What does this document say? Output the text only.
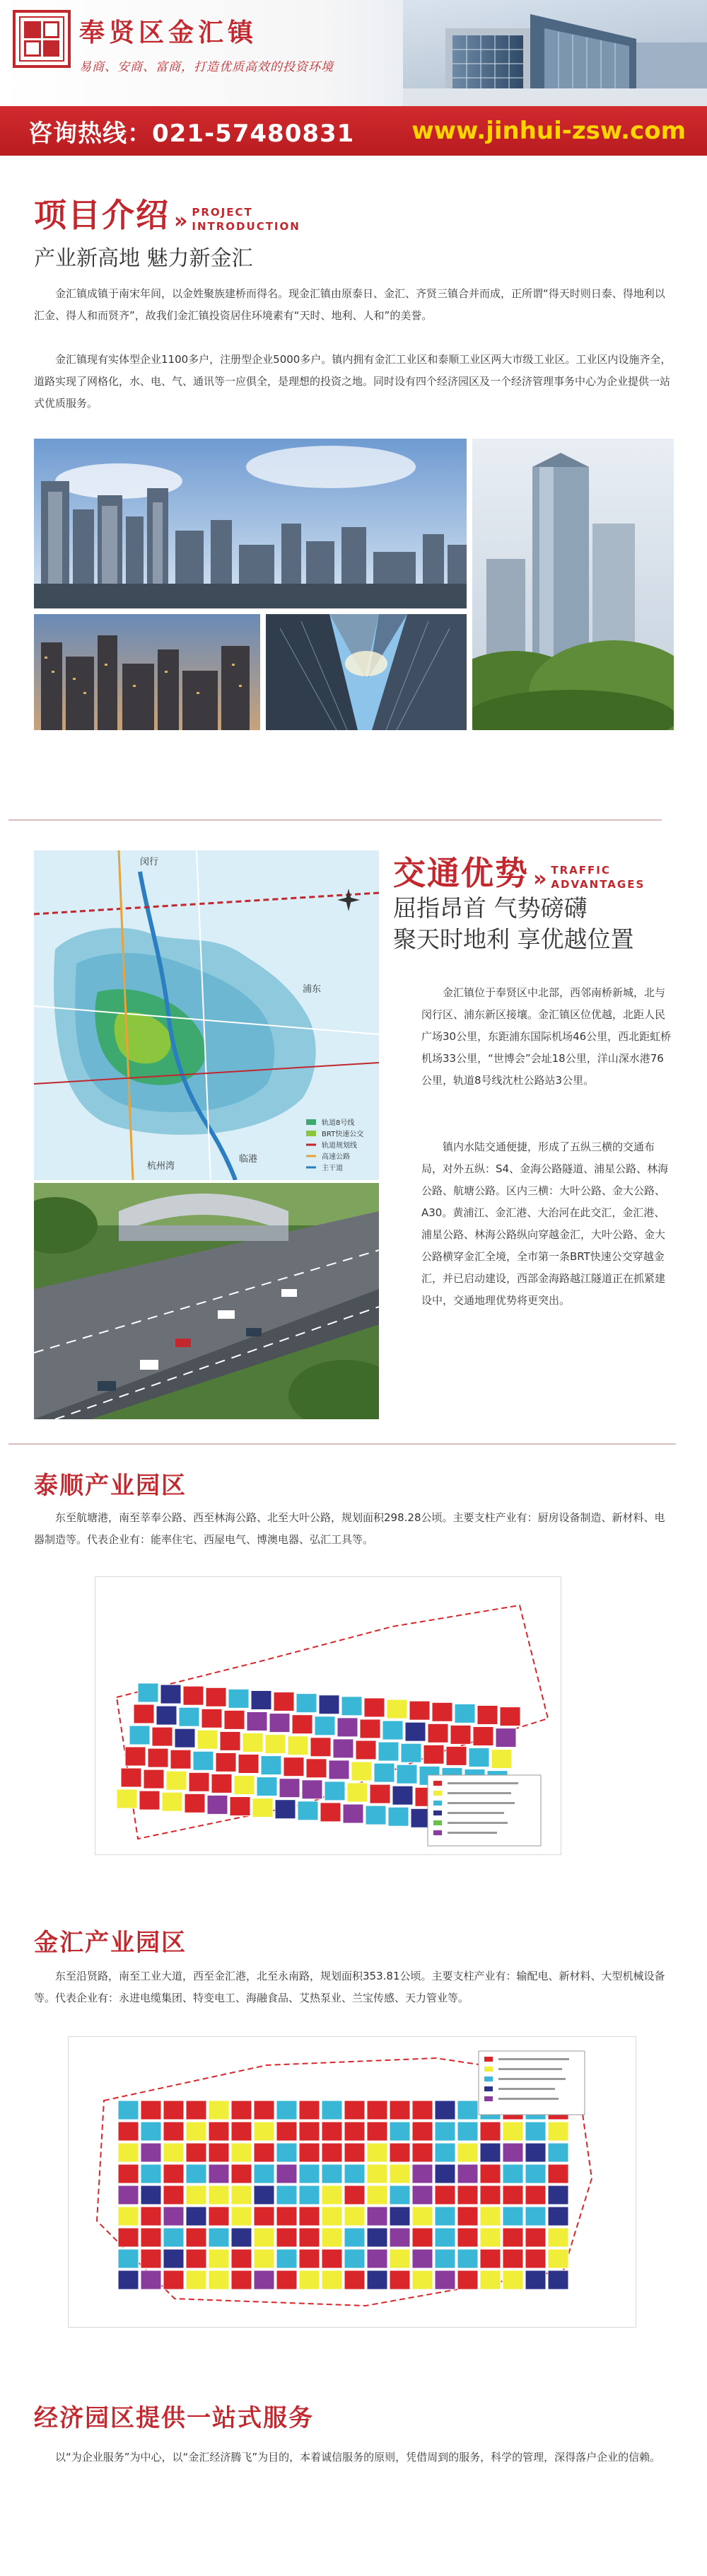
奉贤区金汇镇
易商、安商、富商，打造优质高效的投资环境
咨询热线：021-57480831 www.jinhui-zsw.com
项目介绍 » PROJECT
INTRODUCTION
产业新高地 魅力新金汇
金汇镇成镇于南宋年间，以金姓聚族建桥而得名。现金汇镇由原泰日、金汇、齐贤三镇合并而成，正所谓“得天时则日泰、得地利以汇金、得人和而贤齐”，故我们金汇镇投资居住环境素有“天时、地利、人和”的美誉。
金汇镇现有实体型企业1100多户，注册型企业5000多户。镇内拥有金汇工业区和泰顺工业区两大市级工业区。工业区内设施齐全，道路实现了网格化，水、电、气、通讯等一应俱全，是理想的投资之地。同时设有四个经济园区及一个经济管理事务中心为企业提供一站式优质服务。
闵行
浦东
临港
杭州湾
轨道8号线
BRT快速公交
轨道规划线
高速公路
主干道
交通优势 » TRAFFIC
ADVANTAGES
屈指昂首 气势磅礴
聚天时地利 享优越位置
金汇镇位于奉贤区中北部，西邻南桥新城，北与闵行区、浦东新区接壤。金汇镇区位优越，北距人民广场30公里，东距浦东国际机场46公里，西北距虹桥机场33公里，“世博会”会址18公里，洋山深水港76公里，轨道8号线沈杜公路站3公里。
镇内水陆交通便捷，形成了五纵三横的交通布局，对外五纵：S4、金海公路隧道、浦星公路、林海公路、航塘公路。区内三横：大叶公路、金大公路、A30。黄浦江、金汇港、大治河在此交汇，金汇港、浦星公路、林海公路纵向穿越金汇，大叶公路、金大公路横穿金汇全境，全市第一条BRT快速公交穿越金汇，并已启动建设，西部金海路越江隧道正在抓紧建设中，交通地理优势将更突出。
泰顺产业园区
东至航塘港，南至莘奉公路、西至林海公路、北至大叶公路，规划面积298.28公顷。主要支柱产业有：厨房设备制造、新材料、电器制造等。代表企业有：能率住宅、西屋电气、博澳电器、弘汇工具等。
金汇产业园区
东至沿贤路，南至工业大道，西至金汇港，北至永南路，规划面积353.81公顷。主要支柱产业有：输配电、新材料、大型机械设备等。代表企业有：永进电缆集团、特变电工、海融食品、艾热泵业、兰宝传感、天力管业等。
经济园区提供一站式服务
以“为企业服务”为中心，以“金汇经济腾飞”为目的，本着诚信服务的原则，凭借周到的服务，科学的管理，深得落户企业的信赖。
